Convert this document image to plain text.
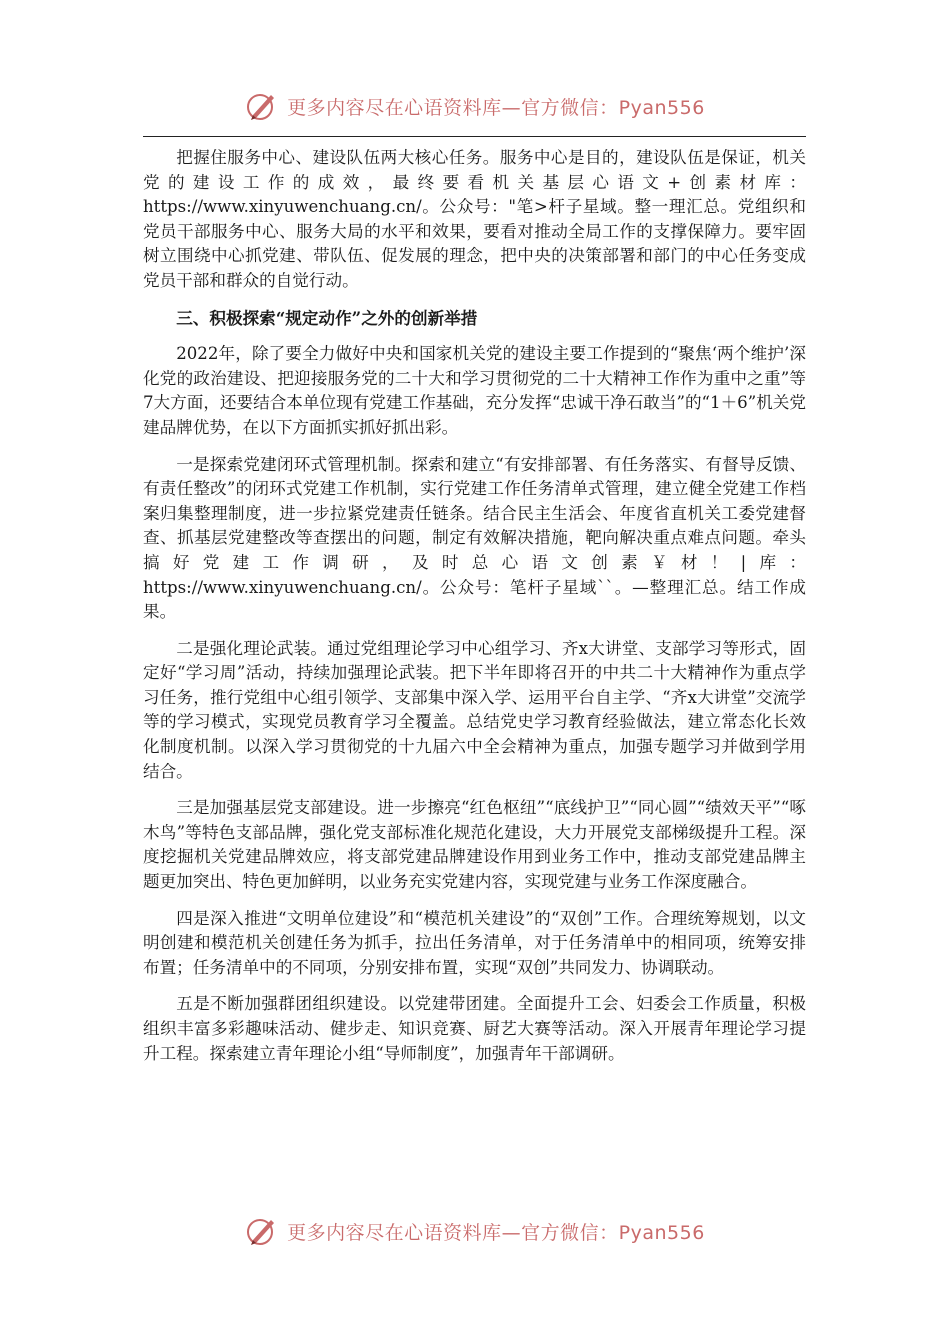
更多内容尽在心语资料库—官方微信：Pyan556

把握住服务中心、建设队伍两大核心任务。服务中心是目的，建设队伍是保证，机关党的建设工作的成效，最终要看机关基层心语文+创素材库：https://www.xinyuwenchuang.cn/。公众号："笔>杆子星域。整一理汇总。党组织和党员干部服务中心、服务大局的水平和效果，要看对推动全局工作的支撑保障力。要牢固树立围绕中心抓党建、带队伍、促发展的理念，把中央的决策部署和部门的中心任务变成党员干部和群众的自觉行动。

三、积极探索“规定动作”之外的创新举措

2022年，除了要全力做好中央和国家机关党的建设主要工作提到的“聚焦‘两个维护’深化党的政治建设、把迎接服务党的二十大和学习贯彻党的二十大精神工作作为重中之重”等7大方面，还要结合本单位现有党建工作基础，充分发挥“忠诚干净石敢当”的“1＋6”机关党建品牌优势，在以下方面抓实抓好抓出彩。

一是探索党建闭环式管理机制。探索和建立“有安排部署、有任务落实、有督导反馈、有责任整改”的闭环式党建工作机制，实行党建工作任务清单式管理，建立健全党建工作档案归集整理制度，进一步拉紧党建责任链条。结合民主生活会、年度省直机关工委党建督查、抓基层党建整改等查摆出的问题，制定有效解决措施，靶向解决重点难点问题。牵头搞好党建工作调研，及时总心语文创素￥材！|库：https://www.xinyuwenchuang.cn/。公众号：笔杆子星域``。—整理汇总。结工作成果。

二是强化理论武装。通过党组理论学习中心组学习、齐x大讲堂、支部学习等形式，固定好“学习周”活动，持续加强理论武装。把下半年即将召开的中共二十大精神作为重点学习任务，推行党组中心组引领学、支部集中深入学、运用平台自主学、“齐x大讲堂”交流学等的学习模式，实现党员教育学习全覆盖。总结党史学习教育经验做法，建立常态化长效化制度机制。以深入学习贯彻党的十九届六中全会精神为重点，加强专题学习并做到学用结合。

三是加强基层党支部建设。进一步擦亮“红色枢纽”“底线护卫”“同心圆”“绩效天平”“啄木鸟”等特色支部品牌，强化党支部标准化规范化建设，大力开展党支部梯级提升工程。深度挖掘机关党建品牌效应，将支部党建品牌建设作用到业务工作中，推动支部党建品牌主题更加突出、特色更加鲜明，以业务充实党建内容，实现党建与业务工作深度融合。

四是深入推进“文明单位建设”和“模范机关建设”的“双创”工作。合理统筹规划，以文明创建和模范机关创建任务为抓手，拉出任务清单，对于任务清单中的相同项，统筹安排布置；任务清单中的不同项，分别安排布置，实现“双创”共同发力、协调联动。

五是不断加强群团组织建设。以党建带团建。全面提升工会、妇委会工作质量，积极组织丰富多彩趣味活动、健步走、知识竞赛、厨艺大赛等活动。深入开展青年理论学习提升工程。探索建立青年理论小组“导师制度”，加强青年干部调研。

更多内容尽在心语资料库—官方微信：Pyan556
